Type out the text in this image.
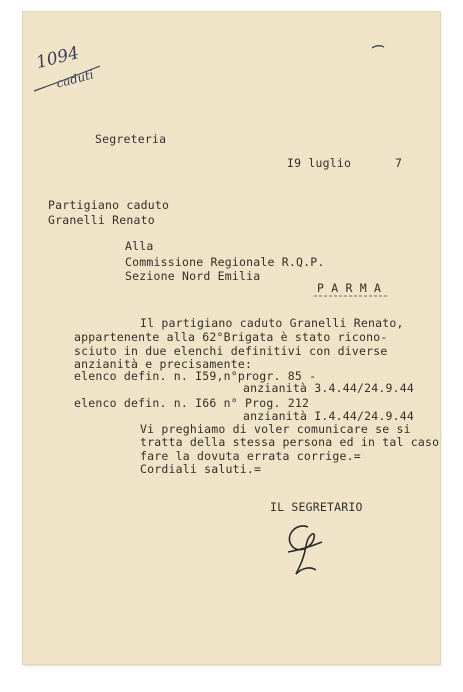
1094
caduti
Segreteria
I9 luglio	7
Partigiano caduto
Granelli Renato
Alla
Commissione Regionale R.Q.P.
Sezione Nord Emilia
P A R M A
Il partigiano caduto Granelli Renato,
appartenente alla 62°Brigata è stato ricono-
sciuto in due elenchi definitivi con diverse
anzianità e precisamente:
elenco defin. n. I59,n°progr. 85 -
anzianità 3.4.44/24.9.44
elenco defin. n. I66 n° Prog. 212
anzianità I.4.44/24.9.44
Vi preghiamo di voler comunicare se si
tratta della stessa persona ed in tal caso
fare la dovuta errata corrige.=
Cordiali saluti.=
IL SEGRETARIO
